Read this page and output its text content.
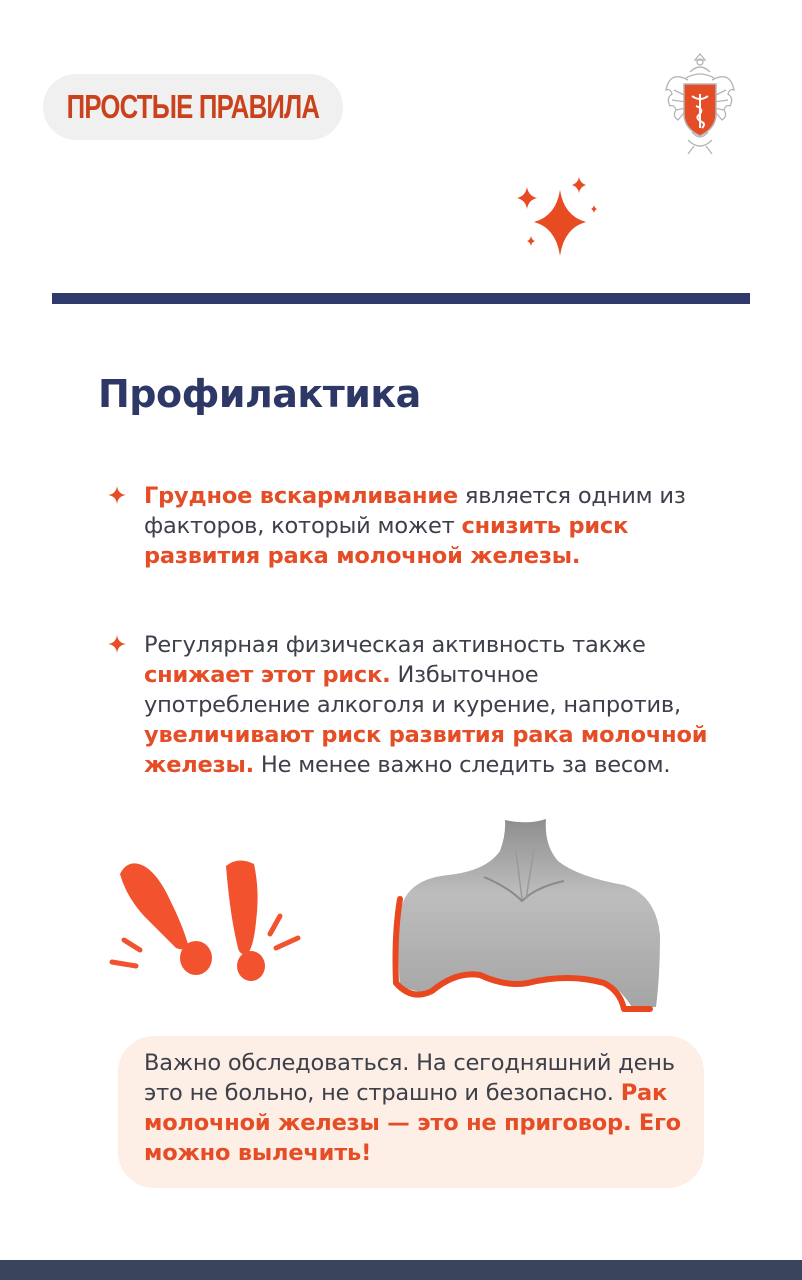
ПРОСТЫЕ ПРАВИЛА
Профилактика

Грудное вскармливание является одним из факторов, который может снизить риск развития рака молочной железы.

Регулярная физическая активность также снижает этот риск. Избыточное употребление алкоголя и курение, напротив, увеличивают риск развития рака молочной железы. Не менее важно следить за весом.

Важно обследоваться. На сегодняшний день это не больно, не страшно и безопасно. Рак молочной железы — это не приговор. Его можно вылечить!
